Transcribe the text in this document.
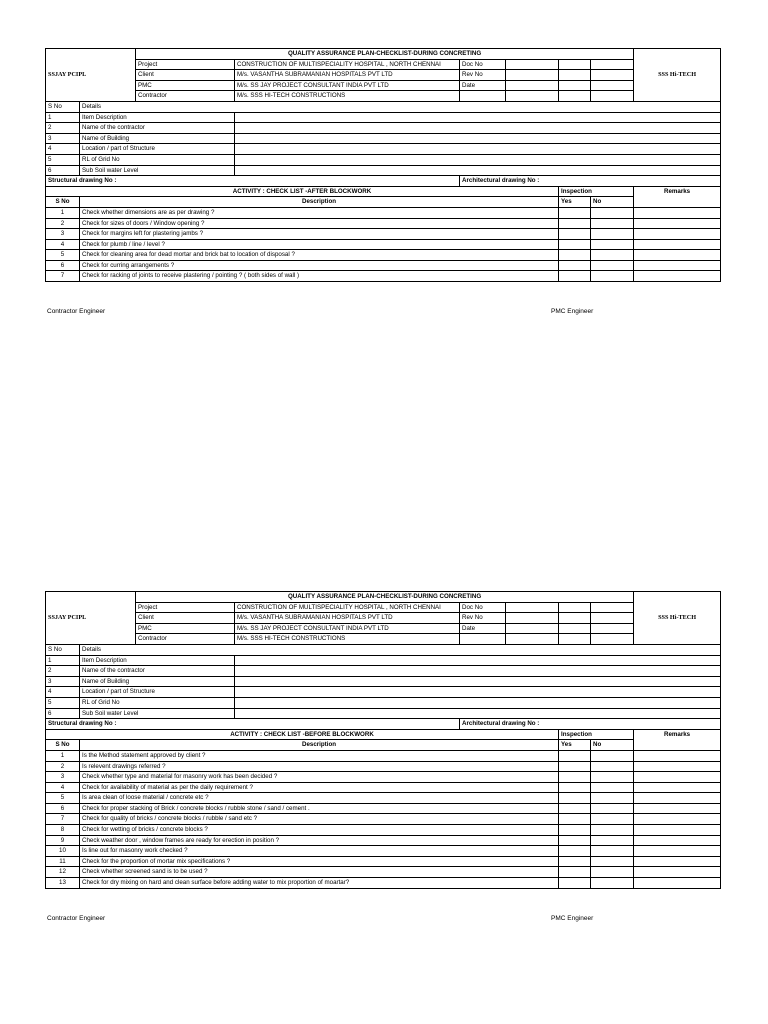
SSJAY PCIPL		QUALITY ASSURANCE PLAN-CHECKLIST-DURING CONCRETING						SSS Hi-TECH
		Project	CONSTRUCTION OF MULTISPECIALITY HOSPITAL , NORTH CHENNAI	Doc No				
		Client	M/s. VASANTHA SUBRAMANIAN HOSPITALS PVT LTD	Rev No				
		PMC	M/s. SS JAY PROJECT CONSULTANT INDIA PVT LTD	Date				
		Contractor	M/s. SSS HI-TECH CONSTRUCTIONS					
S No	Details							
1	Item Description							
2	Name of the contractor							
3	Name of Building							
4	Location / part of Structure							
5	RL of Grid No							
6	Sub Soil water Level							
Structural drawing No :				Architectural drawing No :				
ACTIVITY : CHECK LIST -AFTER BLOCKWORK						Inspection		Remarks
S No	Description					Yes	No	
1	Check whether dimensions are as per drawing ?							
2	Check for sizes of doors / Window opening ?							
3	Check for margins left for plastering jambs ?							
4	Check for plumb / line / level ?							
5	Check for cleaning area for dead mortar and brick bat to location of disposal ?							
6	Check for curring arrangements ?							
7	Check for racking of joints to receive plastering / pointing ? ( both sides of wall )							
Contractor Engineer	PMC Engineer
SSJAY PCIPL		QUALITY ASSURANCE PLAN-CHECKLIST-DURING CONCRETING						SSS Hi-TECH
		Project	CONSTRUCTION OF MULTISPECIALITY HOSPITAL , NORTH CHENNAI	Doc No				
		Client	M/s. VASANTHA SUBRAMANIAN HOSPITALS PVT LTD	Rev No				
		PMC	M/s. SS JAY PROJECT CONSULTANT INDIA PVT LTD	Date				
		Contractor	M/s. SSS HI-TECH CONSTRUCTIONS					
S No	Details							
1	Item Description							
2	Name of the contractor							
3	Name of Building							
4	Location / part of Structure							
5	RL of Grid No							
6	Sub Soil water Level							
Structural drawing No :				Architectural drawing No :				
ACTIVITY : CHECK LIST -BEFORE BLOCKWORK						Inspection		Remarks
S No	Description					Yes	No	
1	Is the Method statement approved by client ?							
2	Is relevent drawings referred ?							
3	Check whether type and material for masonry work has been decided ?							
4	Check for availability of material as per the daily requirement ?							
5	Is area clean of loose material / concrete etc ?							
6	Check for proper stacking of Brick / concrete blocks / rubble stone / sand / cement .							
7	Check for quality of bricks / concrete blocks / rubble / sand etc ?							
8	Check for wetting of bricks / concrete blocks ?							
9	Check weather door , window frames are ready for erection in position ?							
10	Is line out for masonry work checked ?							
11	Check for the proportion of mortar mix specifications ?							
12	Check whether screened sand is to be used ?							
13	Check for dry mixing on hard and clean surface before adding water to mix proportion of moartar?							
Contractor Engineer	PMC Engineer
